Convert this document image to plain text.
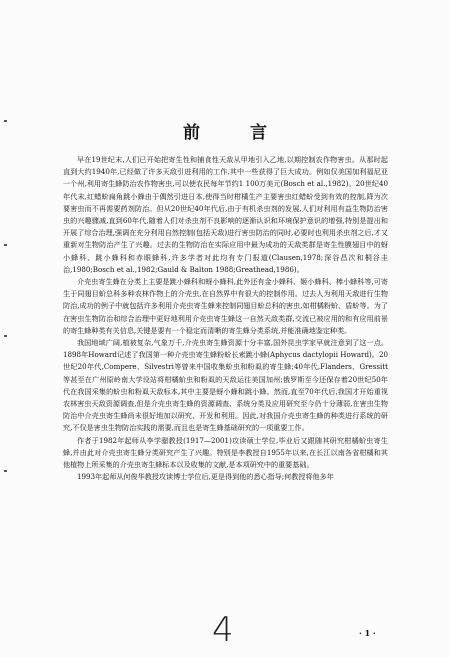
前 言

早在19世纪末,人们已开始把寄生性和捕食性天敌从甲地引入乙地,以期控制农作物害虫。从那时起直到大约1940年,已经做了许多天敌引进利用的工作,其中一些获得了巨大成功。例如仅美国加利福尼亚一个州,利用寄生蜂防治农作物害虫,可以使农民每年节约1 100万美元(Bosch et al.,1982)。20世纪40年代末,红蜡蚧扁角跳小蜂由于偶然引进日本,使得当时柑橘生产主要害虫红蜡蚧受到有效的控制,降为次要害虫而不再需要药剂防治。但从20世纪40年代后,由于有机杀虫剂的发展,人们对利用有益生物防治害虫的兴趣骤减,直到60年代,随着人们对杀虫剂不良影响的逐渐认识和环境保护意识的增强,特别是提出和开展了综合治理,强调在充分利用自然控制(包括天敌)进行害虫防治的同时,必要时也利用杀虫剂之后,才又重新对生物防治产生了兴趣。过去的生物防治在实际应用中最为成功的天敌类群是寄生性膜翅目中的蚜小蜂科、跳小蜂科和赤眼蜂科,许多学者对此均有专门报道(Clausen,1978;深谷昌次和桐谷圭治,1980;Bosch et al.,1982;Gauld & Balton 1988;Greathead,1986)。

介壳虫寄生蜂在分类上主要是跳小蜂科和蚜小蜂科,此外还有金小蜂科、姬小蜂科、棒小蜂科等,可寄生于同翅目蚧总科多种农林作物上的介壳虫,在自然界中有很大的控制作用。过去人为利用天敌进行生物防治,成功的例子中就包括许多利用介壳虫寄生蜂来控制同翅目蚧总科的害虫,如柑橘粉蚧、盾蚧等。为了在害虫生物防治和综合治理中更好地利用介壳虫寄生蜂这一自然天敌类群,交流已被应用的和有应用前景的寄生蜂种类有关信息,关键是要有一个稳定而清晰的寄生蜂分类系统,并能准确地鉴定种类。

我国地域广阔,植被复杂,气象万千,介壳虫寄生蜂资源十分丰富,国外昆虫学家早就注意到了这一点。1898年Howard记述了我国第一种介壳虫寄生蜂粉蚧长索跳小蜂(Aphycus dactylopii Howard)。20世纪20年代,Compere、Silvestri等曾来中国收集蚧虫和粉虱的寄生蜂;40年代,Flanders、Gressitt等甚至在广州原岭南大学设站将柑橘蚧虫和粉虱的天敌运往美国加州;俄罗斯至今还保存着20世纪50年代在我国采集的蚧虫和粉虱天敌标本,其中主要是蚜小蜂和跳小蜂。然而,直至70年代后,我国才开始重视农林害虫天敌资源调查,但是介壳虫寄生蜂的资源调查、系统分类及应用研究至今仍十分薄弱,在害虫生物防治中介壳虫寄生蜂尚未很好地加以研究、开发和利用。因此,对我国介壳虫寄生蜂的种类进行系统的研究,不仅是害虫生物防治实践的需要,而且也是寄生蜂基础研究的一项重要工作。

作者于1982年起师从李学骝教授(1917—2001)攻读硕士学位,毕业后又跟随其研究柑橘蚧虫寄生蜂,并由此对介壳虫寄生蜂分类研究产生了兴趣。特别是李教授自1955年以来,在长江以南各省柑橘和其他植物上所采集的介壳虫寄生蜂标本以及收集的文献,是本项研究中的重要基础。

1993年起师从何俊华教授攻读博士学位后,更是得到他的悉心指导;何教授将他多年

4	· 1 ·
